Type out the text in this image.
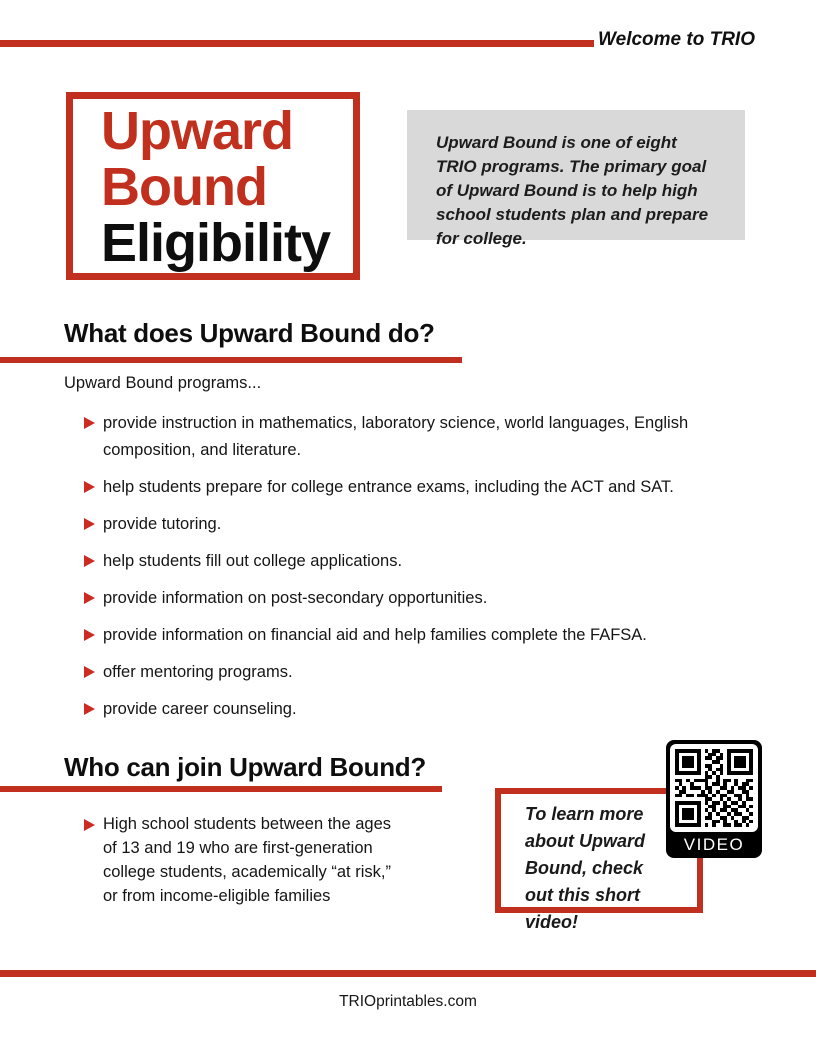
Welcome to TRIO
Upward
Bound
Eligibility

Upward Bound is one of eight TRIO programs. The primary goal of Upward Bound is to help high school students plan and prepare for college.

What does Upward Bound do?

Upward Bound programs...

provide instruction in mathematics, laboratory science, world languages, English composition, and literature.
help students prepare for college entrance exams, including the ACT and SAT.
provide tutoring.
help students fill out college applications.
provide information on post-secondary opportunities.
provide information on financial aid and help families complete the FAFSA.
offer mentoring programs.
provide career counseling.
Who can join Upward Bound?
High school students between the ages of 13 and 19 who are first-generation college students, academically “at risk,” or from income-eligible families

To learn more about Upward Bound, check out this short video!

VIDEO
TRIOprintables.com
